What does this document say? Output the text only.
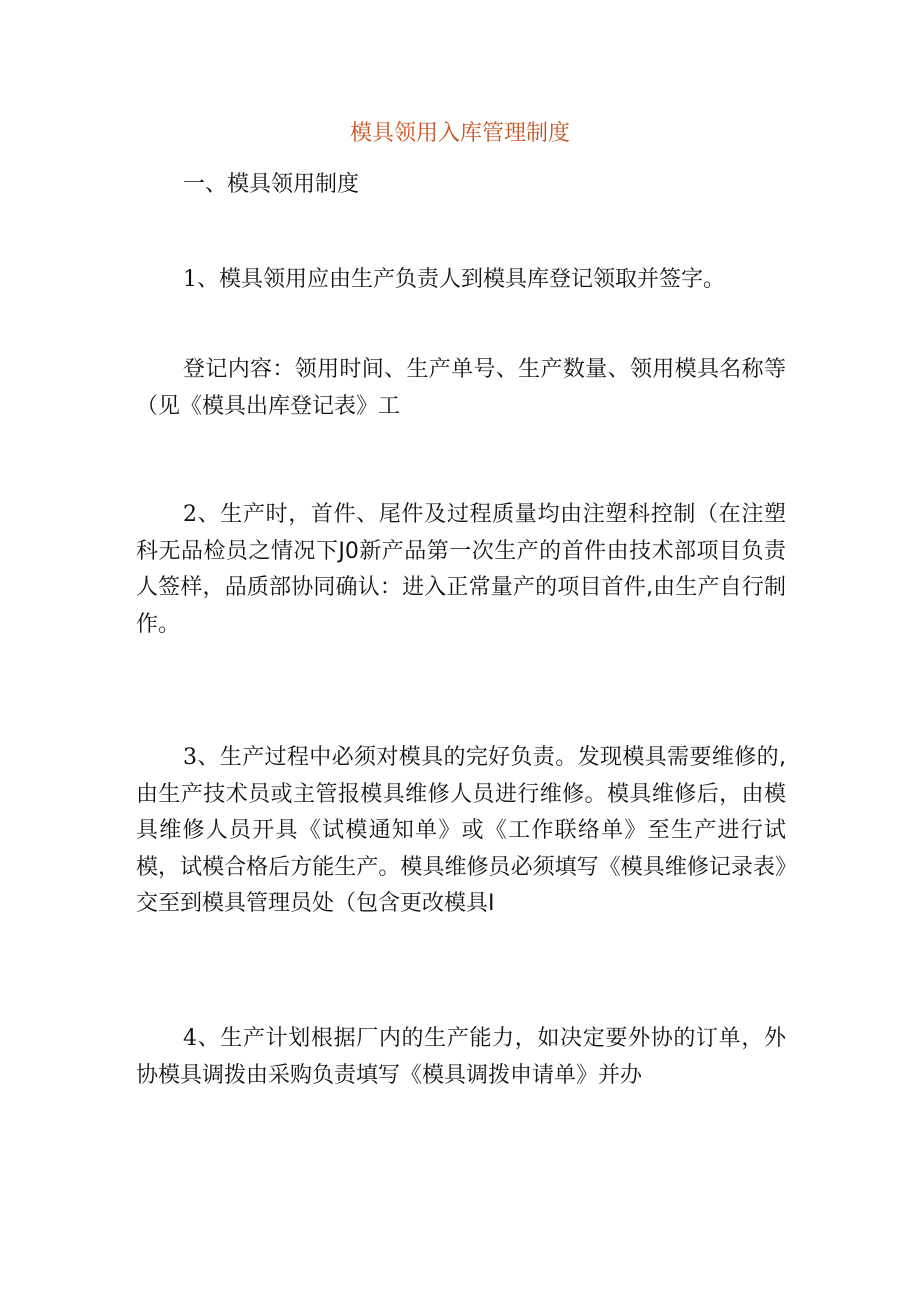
模具领用入库管理制度
一、模具领用制度

1、模具领用应由生产负责人到模具库登记领取并签字。

登记内容：领用时间、生产单号、生产数量、领用模具名称等（见《模具出库登记表》工

2、生产时，首件、尾件及过程质量均由注塑科控制（在注塑科无品检员之情况下J0新产品第一次生产的首件由技术部项目负责人签样，品质部协同确认：进入正常量产的项目首件,由生产自行制作。

3、生产过程中必须对模具的完好负责。发现模具需要维修的,由生产技术员或主管报模具维修人员进行维修。模具维修后，由模具维修人员开具《试模通知单》或《工作联络单》至生产进行试模，试模合格后方能生产。模具维修员必须填写《模具维修记录表》交至到模具管理员处（包含更改模具I

4、生产计划根据厂内的生产能力，如决定要外协的订单，外协模具调拨由采购负责填写《模具调拨申请单》并办
